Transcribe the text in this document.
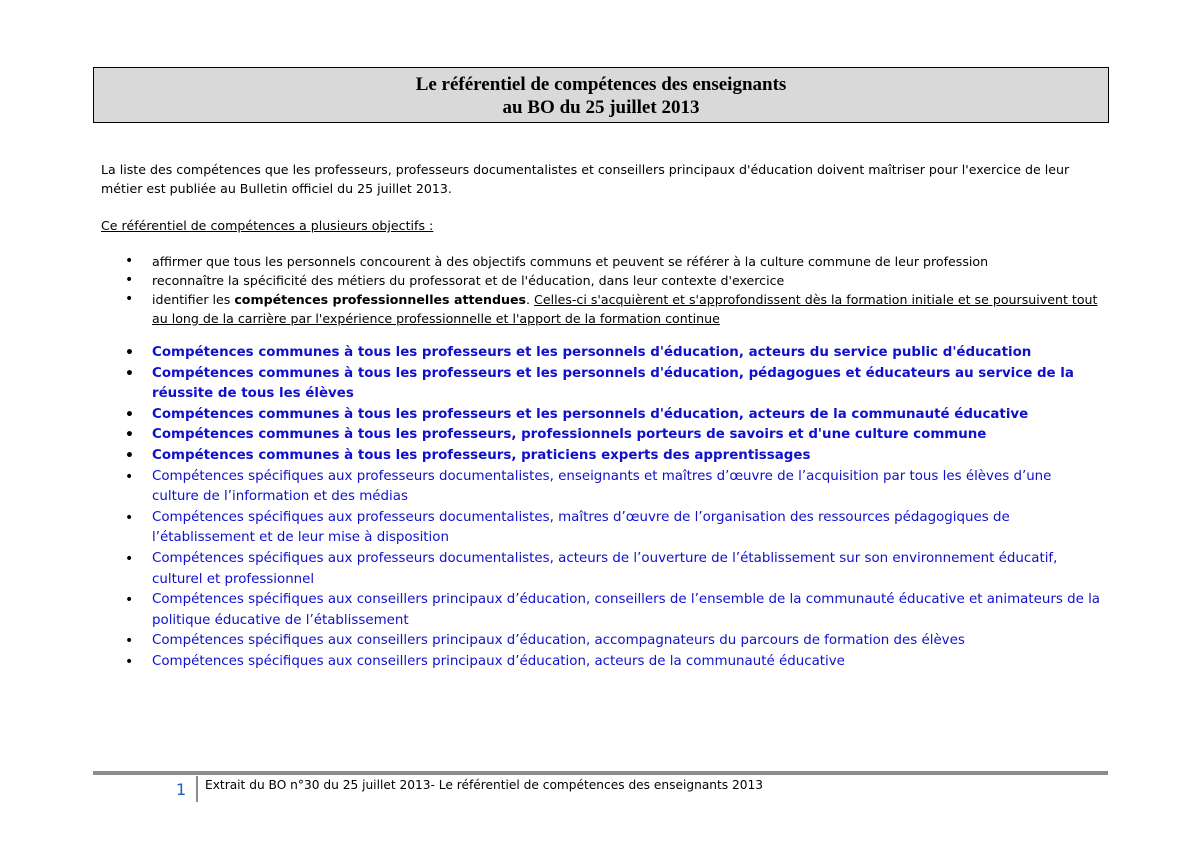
Le référentiel de compétences des enseignants
au BO du 25 juillet 2013

La liste des compétences que les professeurs, professeurs documentalistes et conseillers principaux d'éducation doivent maîtriser pour l'exercice de leur métier est publiée au Bulletin officiel du 25 juillet 2013.

Ce référentiel de compétences a plusieurs objectifs :

• affirmer que tous les personnels concourent à des objectifs communs et peuvent se référer à la culture commune de leur profession
• reconnaître la spécificité des métiers du professorat et de l'éducation, dans leur contexte d'exercice
• identifier les compétences professionnelles attendues. Celles-ci s'acquièrent et s'approfondissent dès la formation initiale et se poursuivent tout au long de la carrière par l'expérience professionnelle et l'apport de la formation continue
• Compétences communes à tous les professeurs et les personnels d'éducation, acteurs du service public d'éducation
• Compétences communes à tous les professeurs et les personnels d'éducation, pédagogues et éducateurs au service de la réussite de tous les élèves
• Compétences communes à tous les professeurs et les personnels d'éducation, acteurs de la communauté éducative
• Compétences communes à tous les professeurs, professionnels porteurs de savoirs et d'une culture commune
• Compétences communes à tous les professeurs, praticiens experts des apprentissages
• Compétences spécifiques aux professeurs documentalistes, enseignants et maîtres d’œuvre de l’acquisition par tous les élèves d’une culture de l’information et des médias
• Compétences spécifiques aux professeurs documentalistes, maîtres d’œuvre de l’organisation des ressources pédagogiques de l’établissement et de leur mise à disposition
• Compétences spécifiques aux professeurs documentalistes, acteurs de l’ouverture de l’établissement sur son environnement éducatif, culturel et professionnel
• Compétences spécifiques aux conseillers principaux d’éducation, conseillers de l’ensemble de la communauté éducative et animateurs de la politique éducative de l’établissement
• Compétences spécifiques aux conseillers principaux d’éducation, accompagnateurs du parcours de formation des élèves
• Compétences spécifiques aux conseillers principaux d’éducation, acteurs de la communauté éducative
1 Extrait du BO n°30 du 25 juillet 2013- Le référentiel de compétences des enseignants 2013
